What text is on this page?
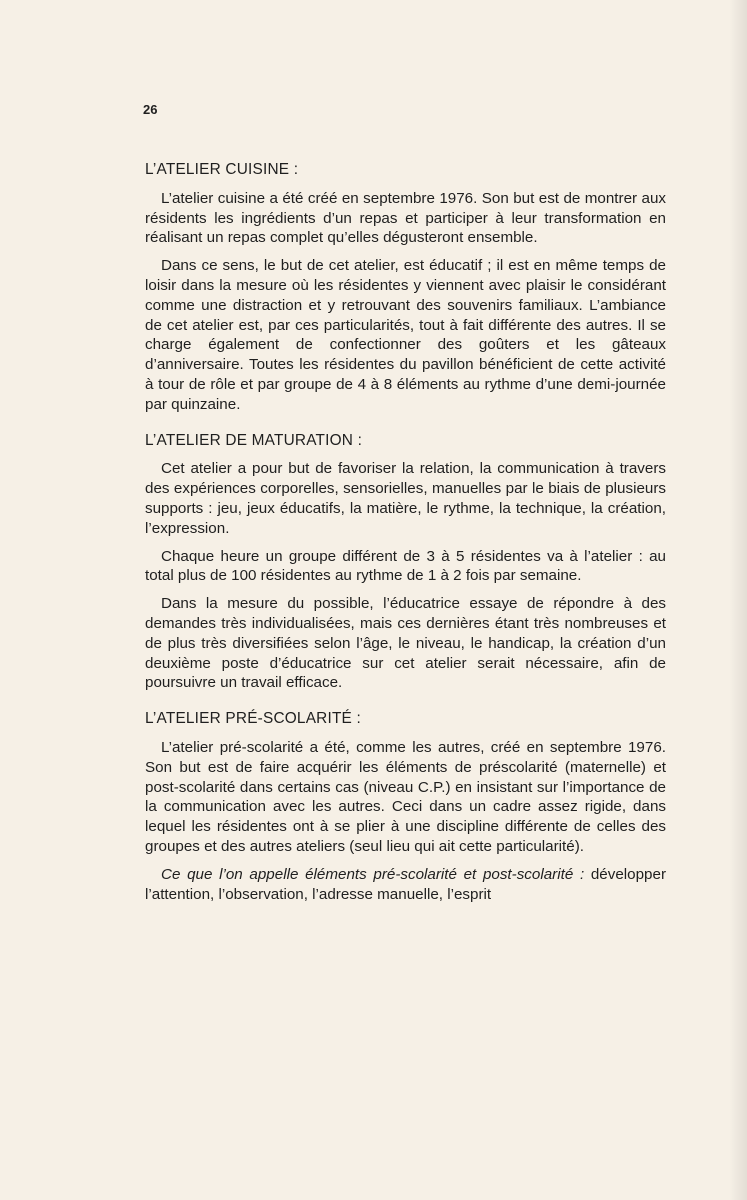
26
L’ATELIER CUISINE :

L’atelier cuisine a été créé en septembre 1976. Son but est de montrer aux résidents les ingrédients d’un repas et participer à leur transformation en réalisant un repas complet qu’elles dégusteront ensemble.

Dans ce sens, le but de cet atelier, est éducatif ; il est en même temps de loisir dans la mesure où les résidentes y viennent avec plaisir le considérant comme une distraction et y retrouvant des souvenirs familiaux. L’ambiance de cet atelier est, par ces particularités, tout à fait différente des autres. Il se charge également de confectionner des goûters et les gâteaux d’anniversaire. Toutes les résidentes du pavillon bénéficient de cette activité à tour de rôle et par groupe de 4 à 8 éléments au rythme d’une demi-journée par quinzaine.

L’ATELIER DE MATURATION :

Cet atelier a pour but de favoriser la relation, la communication à travers des expériences corporelles, sensorielles, manuelles par le biais de plusieurs supports : jeu, jeux éducatifs, la matière, le rythme, la technique, la création, l’expression.

Chaque heure un groupe différent de 3 à 5 résidentes va à l’atelier : au total plus de 100 résidentes au rythme de 1 à 2 fois par semaine.

Dans la mesure du possible, l’éducatrice essaye de répondre à des demandes très individualisées, mais ces dernières étant très nombreuses et de plus très diversifiées selon l’âge, le niveau, le handicap, la création d’un deuxième poste d’éducatrice sur cet atelier serait nécessaire, afin de poursuivre un travail efficace.

L’ATELIER PRÉ-SCOLARITÉ :

L’atelier pré-scolarité a été, comme les autres, créé en septembre 1976. Son but est de faire acquérir les éléments de préscolarité (maternelle) et post-scolarité dans certains cas (niveau C.P.) en insistant sur l’importance de la communication avec les autres. Ceci dans un cadre assez rigide, dans lequel les résidentes ont à se plier à une discipline différente de celles des groupes et des autres ateliers (seul lieu qui ait cette particularité).

Ce que l’on appelle éléments pré-scolarité et post-scolarité : développer l’attention, l’observation, l’adresse manuelle, l’esprit
